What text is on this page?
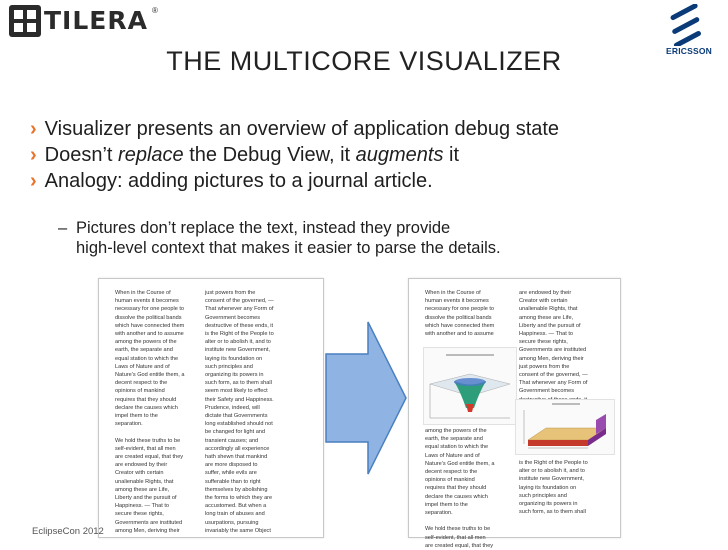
TILERA ®
ERICSSON
THE MULTICORE VISUALIZER
› Visualizer presents an overview of application debug state
› Doesn’t replace the Debug View, it augments it
› Analogy: adding pictures to a journal article.
– Pictures don’t replace the text, instead they provide
high-level context that makes it easier to parse the details.
When in the Course of
human events it becomes
necessary for one people to
dissolve the political bands
which have connected them
with another and to assume
among the powers of the
earth, the separate and
equal station to which the
Laws of Nature and of
Nature's God entitle them, a
decent respect to the
opinions of mankind
requires that they should
declare the causes which
impel them to the
separation.

We hold these truths to be
self-evident, that all men
are created equal, that they
are endowed by their
Creator with certain
unalienable Rights, that
among these are Life,
Liberty and the pursuit of
Happiness. — That to
secure these rights,
Governments are instituted
among Men, deriving their
just powers from the
consent of the governed, —
That whenever any Form of
Government becomes
destructive of these ends, it
is the Right of the People to
alter or to abolish it, and to
institute new Government,
laying its foundation on
such principles and
organizing its powers in
such form, as to them shall
seem most likely to effect
their Safety and Happiness.
Prudence, indeed, will
dictate that Governments
long established should not
be changed for light and
transient causes; and
accordingly all experience
hath shewn that mankind
are more disposed to
suffer, while evils are
sufferable than to right
themselves by abolishing
the forms to which they are
accustomed. But when a
long train of abuses and
usurpations, pursuing
invariably the same Object
When in the Course of
human events it becomes
necessary for one people to
dissolve the political bands
which have connected them
with another and to assume
among the powers of the
earth, the separate and
equal station to which the
Laws of Nature and of
Nature's God entitle them, a
decent respect to the
opinions of mankind
requires that they should
declare the causes which
impel them to the
separation.

We hold these truths to be
self-evident, that all men
are created equal, that they
are endowed by their
Creator with certain
unalienable Rights, that
among these are Life,
Liberty and the pursuit of
Happiness. — That to
secure these rights,
Governments are instituted
among Men, deriving their
just powers from the
consent of the governed, —
That whenever any Form of
Government becomes

is the Right of the People to
alter or to abolish it, and to
institute new Government,
laying its foundation on
such principles and
organizing its powers in
such form, as to them shall
EclipseCon 2012
